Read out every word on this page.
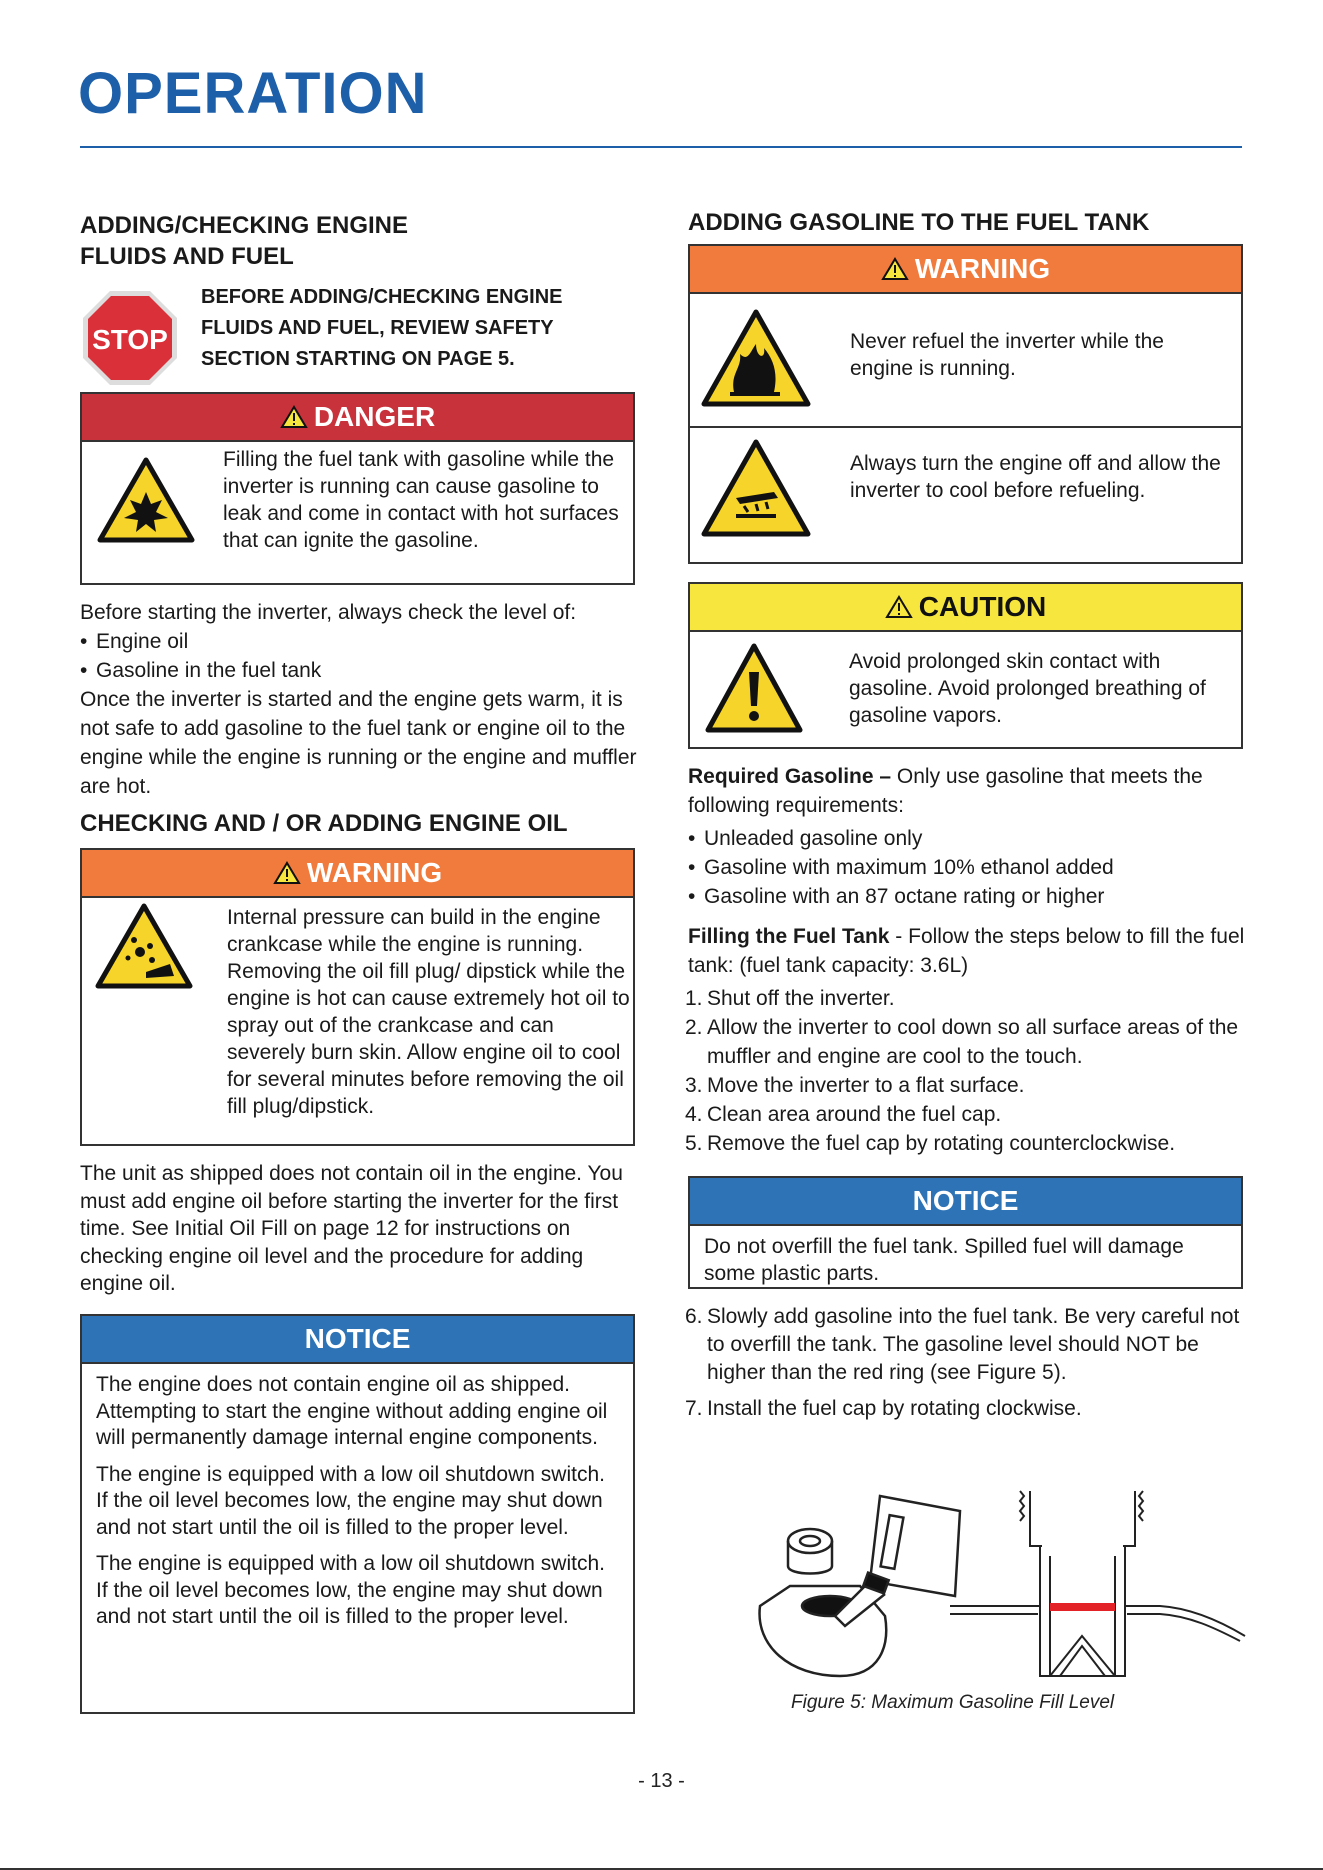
OPERATION
ADDING/CHECKING ENGINE
FLUIDS AND FUEL
STOP
BEFORE ADDING/CHECKING ENGINE
FLUIDS AND FUEL, REVIEW SAFETY
SECTION STARTING ON PAGE 5.
DANGER
Filling the fuel tank with gasoline while the inverter is running can cause gasoline to leak and come in contact with hot surfaces that can ignite the gasoline.
Before starting the inverter, always check the level of:
• Engine oil
• Gasoline in the fuel tank
Once the inverter is started and the engine gets warm, it is not safe to add gasoline to the fuel tank or engine oil to the engine while the engine is running or the engine and muffler are hot.
CHECKING AND / OR ADDING ENGINE OIL
WARNING
Internal pressure can build in the engine crankcase while the engine is running. Removing the oil fill plug/ dipstick while the engine is hot can cause extremely hot oil to spray out of the crankcase and can severely burn skin. Allow engine oil to cool for several minutes before removing the oil fill plug/dipstick.
The unit as shipped does not contain oil in the engine. You must add engine oil before starting the inverter for the first time. See Initial Oil Fill on page 12 for instructions on checking engine oil level and the procedure for adding engine oil.
NOTICE

The engine does not contain engine oil as shipped. Attempting to start the engine without adding engine oil will permanently damage internal engine components.

The engine is equipped with a low oil shutdown switch. If the oil level becomes low, the engine may shut down and not start until the oil is filled to the proper level.

The engine is equipped with a low oil shutdown switch. If the oil level becomes low, the engine may shut down and not start until the oil is filled to the proper level.

ADDING GASOLINE TO THE FUEL TANK
WARNING
Never refuel the inverter while the engine is running.
Always turn the engine off and allow the inverter to cool before refueling.
CAUTION
Avoid prolonged skin contact with gasoline. Avoid prolonged breathing of gasoline vapors.
Required Gasoline – Only use gasoline that meets the following requirements:
• Unleaded gasoline only
• Gasoline with maximum 10% ethanol added
• Gasoline with an 87 octane rating or higher
Filling the Fuel Tank - Follow the steps below to fill the fuel tank: (fuel tank capacity: 3.6L)
1. Shut off the inverter.
2. Allow the inverter to cool down so all surface areas of the muffler and engine are cool to the touch.
3. Move the inverter to a flat surface.
4. Clean area around the fuel cap.
5. Remove the fuel cap by rotating counterclockwise.
NOTICE
Do not overfill the fuel tank. Spilled fuel will damage some plastic parts.
6. Slowly add gasoline into the fuel tank. Be very careful not to overfill the tank. The gasoline level should NOT be higher than the red ring (see Figure 5).
7. Install the fuel cap by rotating clockwise.
Figure 5: Maximum Gasoline Fill Level
- 13 -
